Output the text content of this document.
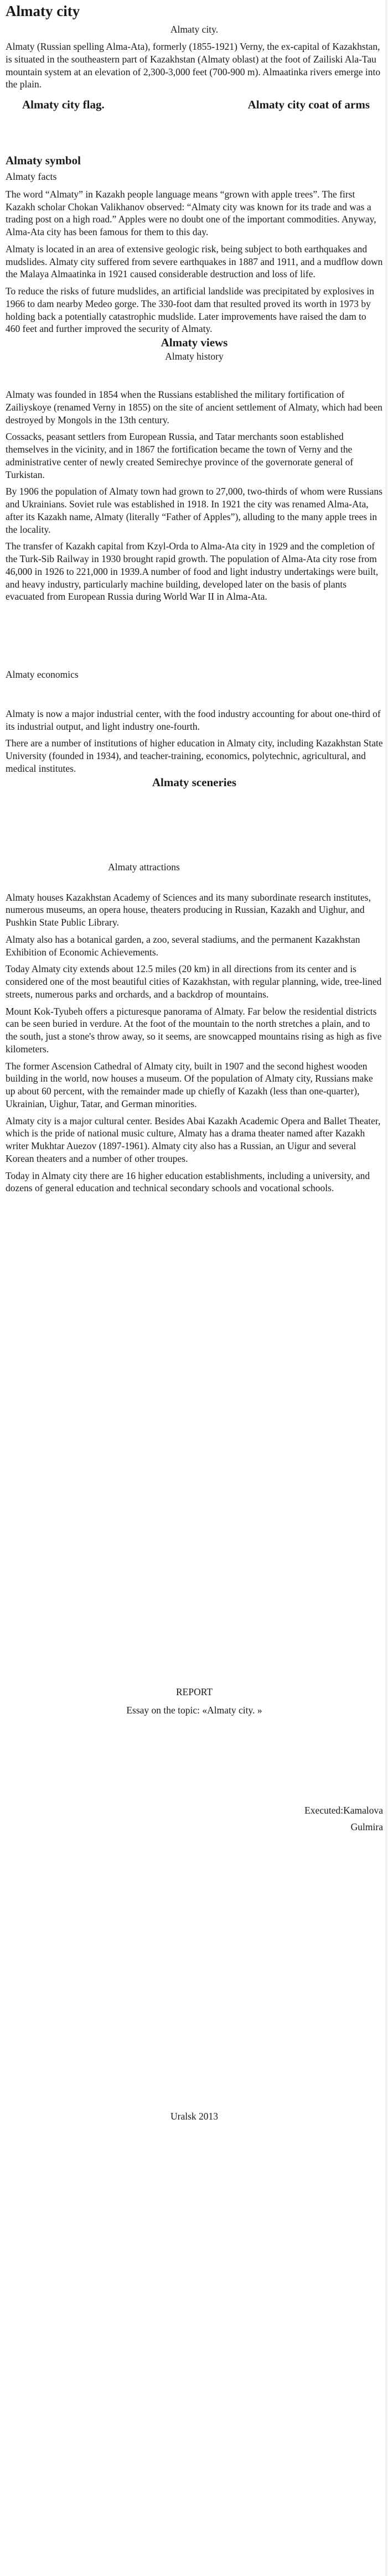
Almaty city

Almaty city.

Almaty (Russian spelling Alma-Ata), formerly (1855-1921) Verny, the ex-capital of Kazakhstan, is situated in the southeastern part of Kazakhstan (Almaty oblast) at the foot of Zailiski Ala-Tau mountain system at an elevation of 2,300-3,000 feet (700-900 m). Almaatinka rivers emerge into the plain.

Almaty city flag.	Almaty city coat of arms
Almaty symbol

Almaty facts

The word “Almaty” in Kazakh people language means “grown with apple trees”. The first Kazakh scholar Chokan Valikhanov observed: “Almaty city was known for its trade and was a trading post on a high road.” Apples were no doubt one of the important commodities. Anyway, Alma-Ata city has been famous for them to this day.

Almaty is located in an area of extensive geologic risk, being subject to both earthquakes and mudslides. Almaty city suffered from severe earthquakes in 1887 and 1911, and a mudflow down the Malaya Almaatinka in 1921 caused considerable destruction and loss of life.

To reduce the risks of future mudslides, an artificial landslide was precipitated by explosives in 1966 to dam nearby Medeo gorge. The 330-foot dam that resulted proved its worth in 1973 by holding back a potentially catastrophic mudslide. Later improvements have raised the dam to 460 feet and further improved the security of Almaty.

Almaty views

Almaty history

Almaty was founded in 1854 when the Russians established the military fortification of Zailiyskoye (renamed Verny in 1855) on the site of ancient settlement of Almaty, which had been destroyed by Mongols in the 13th century.

Cossacks, peasant settlers from European Russia, and Tatar merchants soon established themselves in the vicinity, and in 1867 the fortification became the town of Verny and the administrative center of newly created Semirechye province of the governorate general of Turkistan.

By 1906 the population of Almaty town had grown to 27,000, two-thirds of whom were Russians and Ukrainians. Soviet rule was established in 1918. In 1921 the city was renamed Alma-Ata, after its Kazakh name, Almaty (literally “Father of Apples”), alluding to the many apple trees in the locality.

The transfer of Kazakh capital from Kzyl-Orda to Alma-Ata city in 1929 and the completion of the Turk-Sib Railway in 1930 brought rapid growth. The population of Alma-Ata city rose from 46,000 in 1926 to 221,000 in 1939.A number of food and light industry undertakings were built, and heavy industry, particularly machine building, developed later on the basis of plants evacuated from European Russia during World War II in Alma-Ata.

Almaty economics

Almaty is now a major industrial center, with the food industry accounting for about one-third of its industrial output, and light industry one-fourth.

There are a number of institutions of higher education in Almaty city, including Kazakhstan State University (founded in 1934), and teacher-training, economics, polytechnic, agricultural, and medical institutes.

Almaty sceneries

Almaty attractions

Almaty houses Kazakhstan Academy of Sciences and its many subordinate research institutes, numerous museums, an opera house, theaters producing in Russian, Kazakh and Uighur, and Pushkin State Public Library.

Almaty also has a botanical garden, a zoo, several stadiums, and the permanent Kazakhstan Exhibition of Economic Achievements.

Today Almaty city extends about 12.5 miles (20 km) in all directions from its center and is considered one of the most beautiful cities of Kazakhstan, with regular planning, wide, tree-lined streets, numerous parks and orchards, and a backdrop of mountains.

Mount Kok-Tyubeh offers a picturesque panorama of Almaty. Far below the residential districts can be seen buried in verdure. At the foot of the mountain to the north stretches a plain, and to the south, just a stone's throw away, so it seems, are snowcapped mountains rising as high as five kilometers.

The former Ascension Cathedral of Almaty city, built in 1907 and the second highest wooden building in the world, now houses a museum. Of the population of Almaty city, Russians make up about 60 percent, with the remainder made up chiefly of Kazakh (less than one-quarter), Ukrainian, Uighur, Tatar, and German minorities.

Almaty city is a major cultural center. Besides Abai Kazakh Academic Opera and Ballet Theater, which is the pride of national music culture, Almaty has a drama theater named after Kazakh writer Mukhtar Auezov (1897-1961). Almaty city also has a Russian, an Uigur and several Korean theaters and a number of other troupes.

Today in Almaty city there are 16 higher education establishments, including a university, and dozens of general education and technical secondary schools and vocational schools.

REPORT

Essay on the topic: «Almaty city. »

Executed:Kamalova

Gulmira

Uralsk 2013
